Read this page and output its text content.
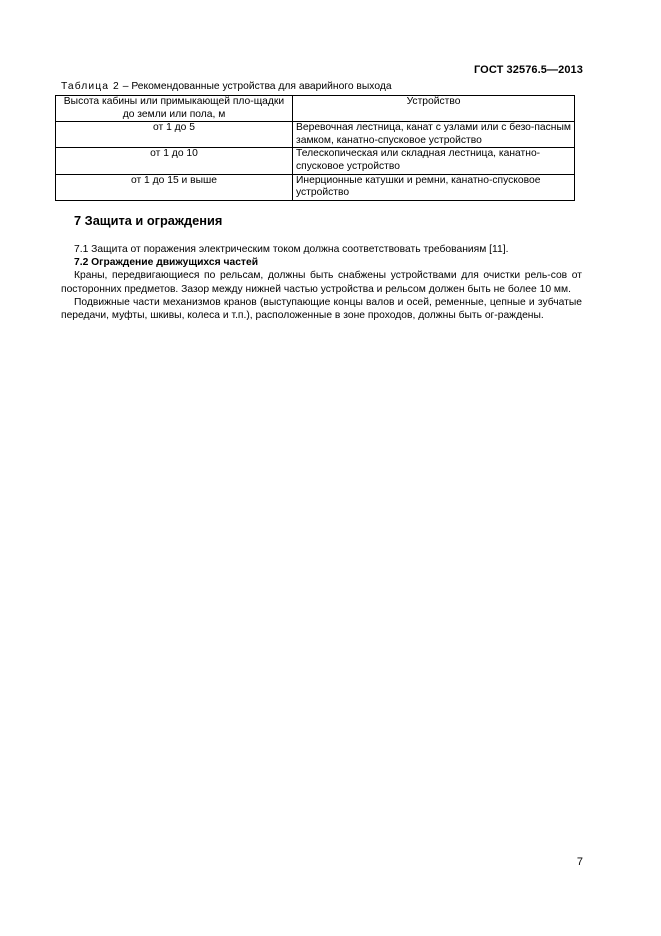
ГОСТ 32576.5—2013
Таблица 2 – Рекомендованные устройства для аварийного выхода
Высота кабины или примыкающей пло-щадки до земли или пола, м	Устройство
от 1 до 5	Веревочная лестница, канат с узлами или с безо-пасным замком, канатно-спусковое устройство
от 1 до 10	Телескопическая или складная лестница, канатно-спусковое устройство
от 1 до 15 и выше	Инерционные катушки и ремни, канатно-спусковое устройство
7 Защита и ограждения

7.1 Защита от поражения электрическим током должна соответствовать требованиям [11].

7.2 Ограждение движущихся частей

Краны, передвигающиеся по рельсам, должны быть снабжены устройствами для очистки рель-сов от посторонних предметов. Зазор между нижней частью устройства и рельсом должен быть не более 10 мм.

Подвижные части механизмов кранов (выступающие концы валов и осей, ременные, цепные и зубчатые передачи, муфты, шкивы, колеса и т.п.), расположенные в зоне проходов, должны быть ог-раждены.

7
